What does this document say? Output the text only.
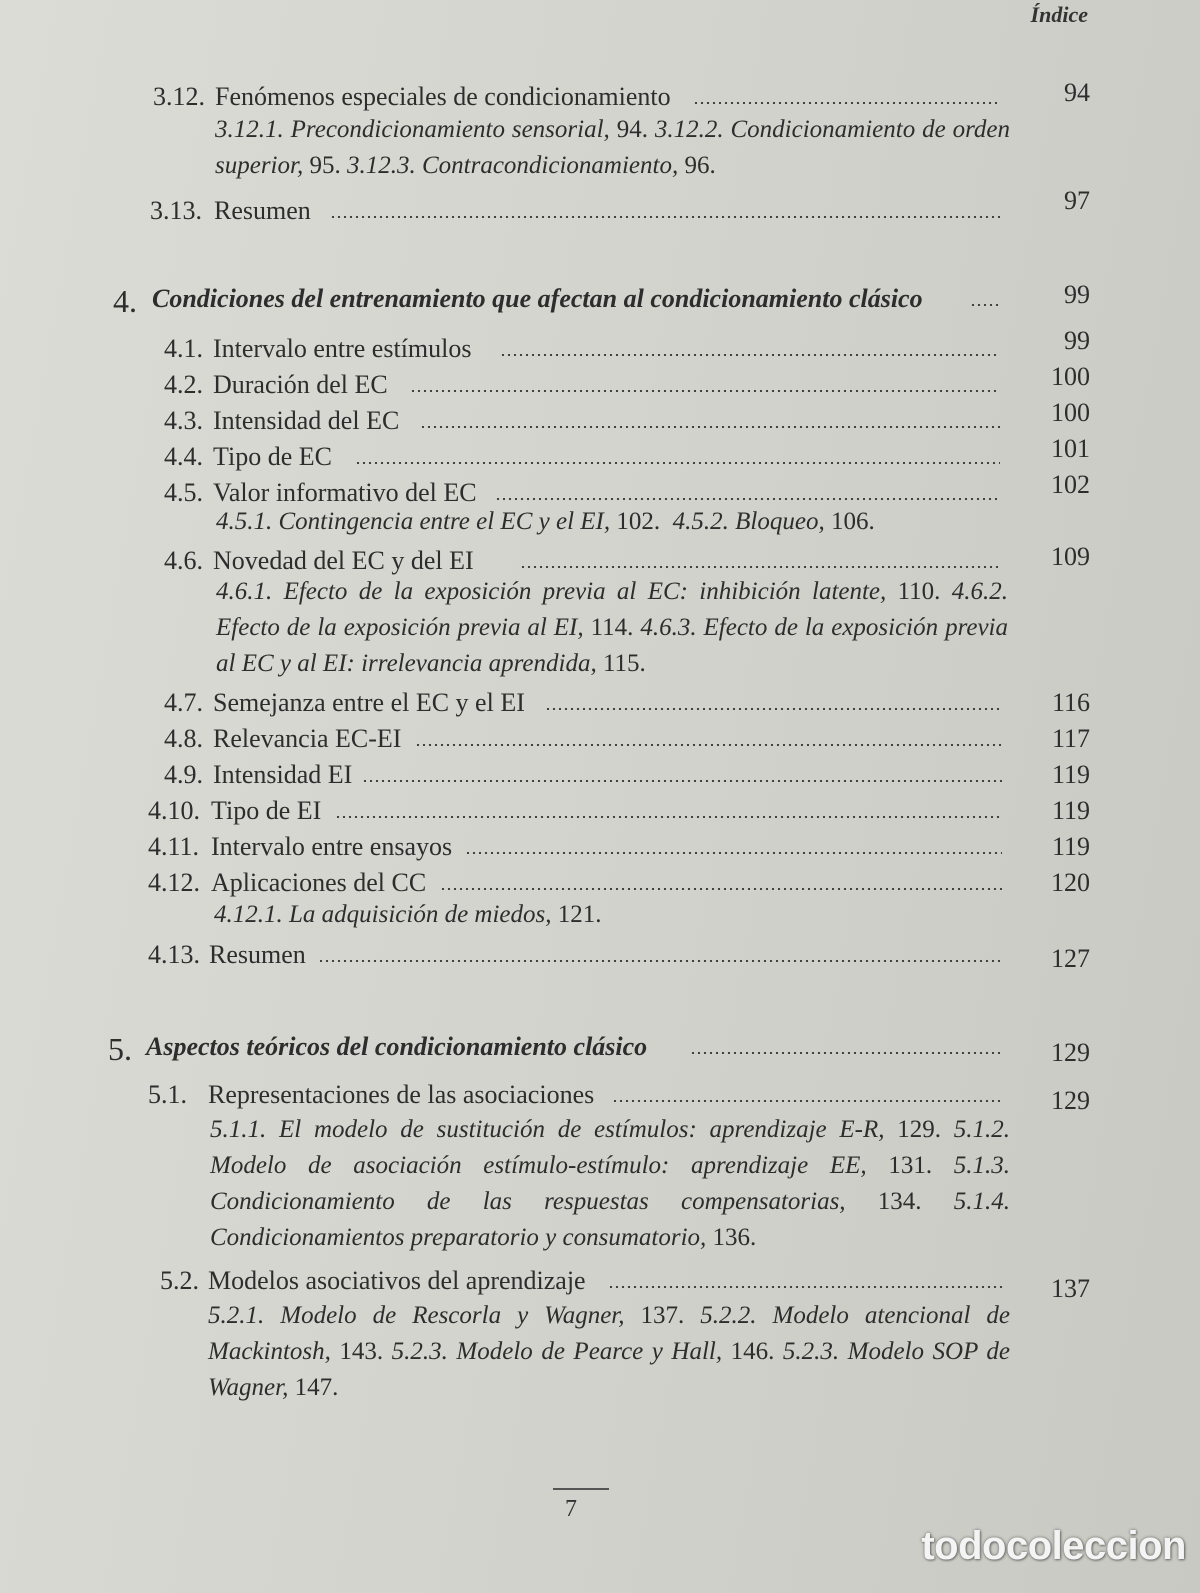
Índice
3.12. Fenómenos especiales de condicionamiento	94
3.12.1. Precondicionamiento sensorial, 94. 3.12.2. Condicionamiento de orden superior, 95. 3.12.3. Contracondicionamiento, 96.
3.13. Resumen	97
4. Condiciones del entrenamiento que afectan al condicionamiento clásico	99
4.1. Intervalo entre estímulos	99
4.2. Duración del EC	100
4.3. Intensidad del EC	100
4.4. Tipo de EC	101
4.5. Valor informativo del EC	102
4.5.1. Contingencia entre el EC y el EI, 102. 4.5.2. Bloqueo, 106.
4.6. Novedad del EC y del EI	109
4.6.1. Efecto de la exposición previa al EC: inhibición latente, 110. 4.6.2. Efecto de la exposición previa al EI, 114. 4.6.3. Efecto de la exposición previa al EC y al EI: irrelevancia aprendida, 115.
4.7. Semejanza entre el EC y el EI	116
4.8. Relevancia EC-EI	117
4.9. Intensidad EI	119
4.10. Tipo de EI	119
4.11. Intervalo entre ensayos	119
4.12. Aplicaciones del CC	120
4.12.1. La adquisición de miedos, 121.
4.13. Resumen	127
5. Aspectos teóricos del condicionamiento clásico	129
5.1. Representaciones de las asociaciones	129
5.1.1. El modelo de sustitución de estímulos: aprendizaje E-R, 129. 5.1.2. Modelo de asociación estímulo-estímulo: aprendizaje EE, 131. 5.1.3. Condicionamiento de las respuestas compensatorias, 134. 5.1.4. Condicionamientos preparatorio y consumatorio, 136.
5.2. Modelos asociativos del aprendizaje	137
5.2.1. Modelo de Rescorla y Wagner, 137. 5.2.2. Modelo atencional de Mackintosh, 143. 5.2.3. Modelo de Pearce y Hall, 146. 5.2.3. Modelo SOP de Wagner, 147.
7
todocoleccion
